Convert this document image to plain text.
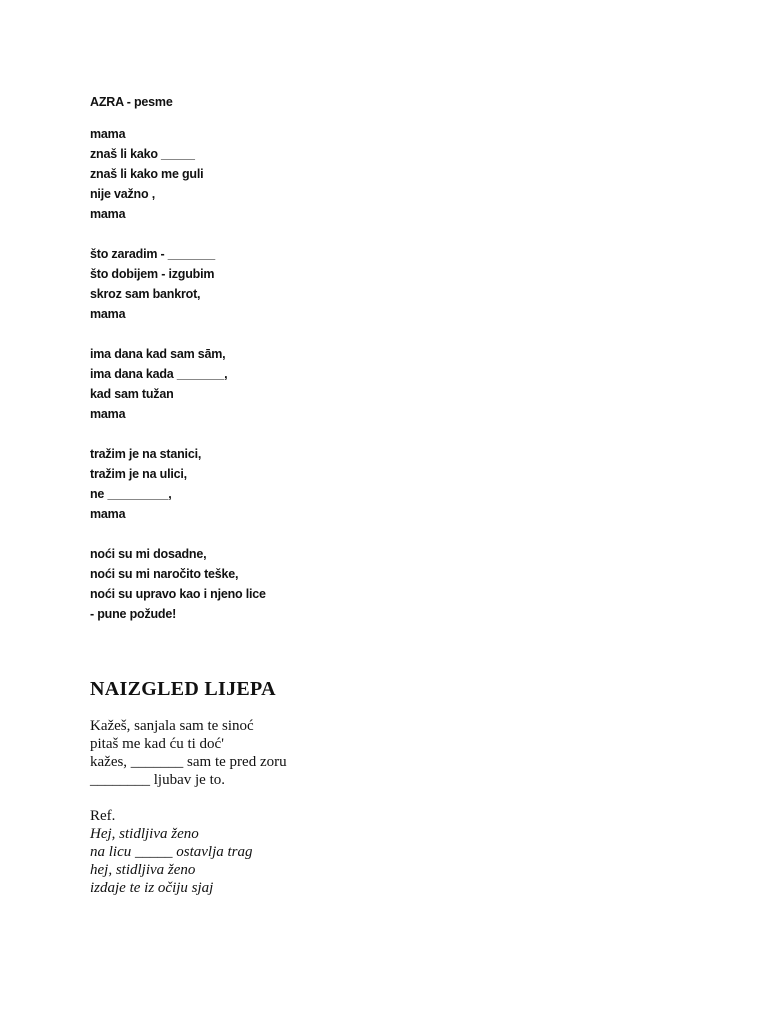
AZRA - pesme
mama
znaš li kako _____
znaš li kako me guli
nije važno ,
mama
što zaradim - _______
što dobijem - izgubim
skroz sam bankrot,
mama
ima dana kad sam sām,
ima dana kada _______,
kad sam tužan
mama
tražim je na stanici,
tražim je na ulici,
ne _________,
mama
noći su mi dosadne,
noći su mi naročito teške,
noći su upravo kao i njeno lice
- pune požude!
NAIZGLED LIJEPA
Kažeš, sanjala sam te sinoć
pitaš me kad ću ti doć'
kažes, _______ sam te pred zoru
________ ljubav je to.
Ref.
Hej, stidljiva ženo
na licu _____ ostavlja trag
hej, stidljiva ženo
izdaje te iz očiju sjaj
